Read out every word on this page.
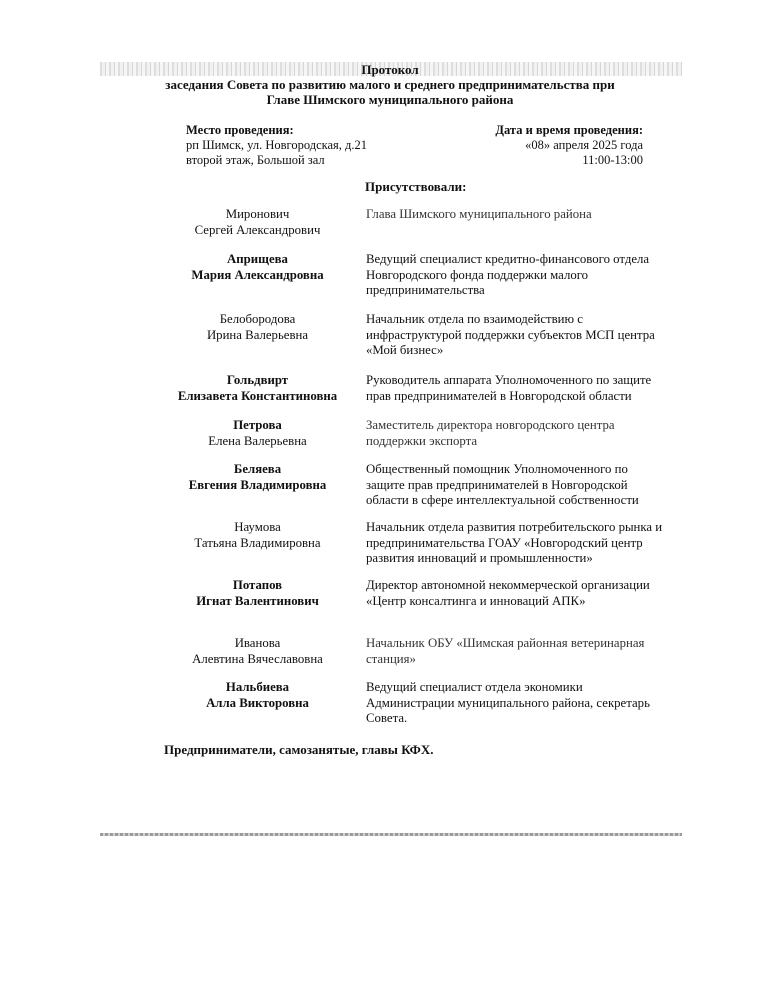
Протокол
заседания Совета по развитию малого и среднего предпринимательства при
Главе Шимского муниципального района
Место проведения:
рп Шимск, ул. Новгородская, д.21
второй этаж, Большой зал
Дата и время проведения:
«08» апреля 2025 года
11:00-13:00
Присутствовали:
Миронович
Сергей Александрович
Глава Шимского муниципального района
Априщева
Мария Александровна
Ведущий специалист кредитно-финансового отдела
Новгородского фонда поддержки малого
предпринимательства
Белобородова
Ирина Валерьевна
Начальник отдела по взаимодействию с
инфраструктурой поддержки субъектов МСП центра
«Мой бизнес»
Гольдвирт
Елизавета Константиновна
Руководитель аппарата Уполномоченного по защите
прав предпринимателей в Новгородской области
Петрова
Елена Валерьевна
Заместитель директора новгородского центра
поддержки экспорта
Беляева
Евгения Владимировна
Общественный помощник Уполномоченного по
защите прав предпринимателей в Новгородской
области в сфере интеллектуальной собственности
Наумова
Татьяна Владимировна
Начальник отдела развития потребительского рынка и
предпринимательства ГОАУ «Новгородский центр
развития инноваций и промышленности»
Потапов
Игнат Валентинович
Директор автономной некоммерческой организации
«Центр консалтинга и инноваций АПК»
Иванова
Алевтина Вячеславовна
Начальник ОБУ «Шимская районная ветеринарная
станция»
Нальбиева
Алла Викторовна
Ведущий специалист отдела экономики
Администрации муниципального района, секретарь
Совета.
Предприниматели, самозанятые, главы КФХ.
